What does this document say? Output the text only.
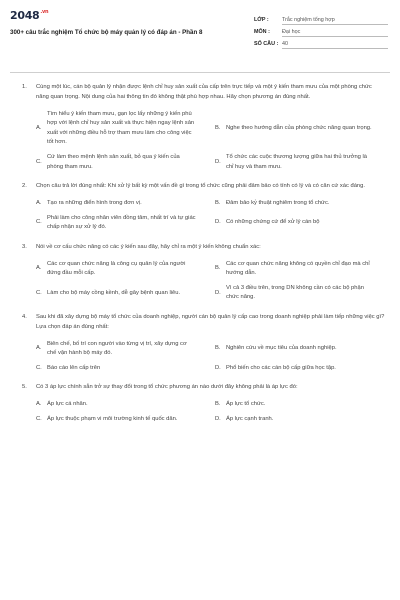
$2048^{.vn}$
300+ câu trắc nghiệm Tổ chức bộ máy quản lý có đáp án - Phần 8
LỚP :	Trắc nghiệm tổng hợp
MÔN :	Đại học
SỐ CÂU : 40
1.	Cùng một lúc, cán bộ quản lý nhận được lệnh chỉ huy sản xuất của cấp trên trực tiếp và một ý kiến tham mưu của một phòng chức năng quan trọng. Nội dung của hai thông tin đó không thật phù hợp nhau. Hãy chọn phương án đúng nhất.
A.
Tìm hiểu ý kiến tham mưu, gạn lọc lấy những ý kiến phù hợp với lệnh chỉ huy sản xuất và thực hiện ngay lệnh sản xuất với những điều hỗ trợ tham mưu làm cho công việc tốt hơn.
B. Nghe theo hướng dẫn của phòng chức năng quan trọng.
C.
Cứ làm theo mệnh lệnh sản xuất, bỏ qua ý kiến của phòng tham mưu.
D.
Tổ chức các cuộc thương lượng giữa hai thủ trưởng là chỉ huy và tham mưu.
2.	Chọn câu trả lời đúng nhất: Khi xử lý bất kỳ một vấn đề gì trong tổ chức cũng phải đảm bảo có tính có lý và có căn cứ xác đáng.
A. Tạo ra những điển hình trong đơn vị.	B. Đảm bảo kỷ thuật nghiêm trong tổ chức.
C.
Phải làm cho công nhân viên đồng tâm, nhất trí và tự giác chấp nhận sự xử lý đó.
D. Có những chứng cứ để xử lý cán bộ
3.	Nói về cơ cấu chức năng có các ý kiến sau đây, hãy chỉ ra một ý kiến không chuẩn xác:
A.
Các cơ quan chức năng là công cụ quản lý của người đứng đầu mỗi cấp.
B.
Các cơ quan chức năng không có quyền chỉ đạo mà chỉ hướng dẫn.
C. Làm cho bộ máy cồng kềnh, dễ gây bệnh quan liêu.	D.
Vì cả 3 điều trên, trong DN không cần có các bộ phận chức năng.
4.	Sau khi đã xây dựng bộ máy tổ chức của doanh nghiệp, người cán bộ quản lý cấp cao trong doanh nghiệp phải làm tiếp những việc gì? Lựa chọn đáp án đúng nhất:
A.
Biên chế, bố trí con người vào từng vị trí, xây dựng cơ chế vận hành bộ máy đó.
B. Nghiên cứu về mục tiêu của doanh nghiệp.
C. Báo cáo lên cấp trên	D. Phổ biến cho các cán bộ cấp giữa học tập.
5.	Có 3 áp lực chính sẵn trở sự thay đổi trong tổ chức phương án nào dưới đây không phải là áp lực đó:
A. Áp lực cá nhân.	B. Áp lực tổ chức.
C. Áp lực thuộc phạm vi môi trường kinh tế quốc dân.	D. Áp lực cạnh tranh.
